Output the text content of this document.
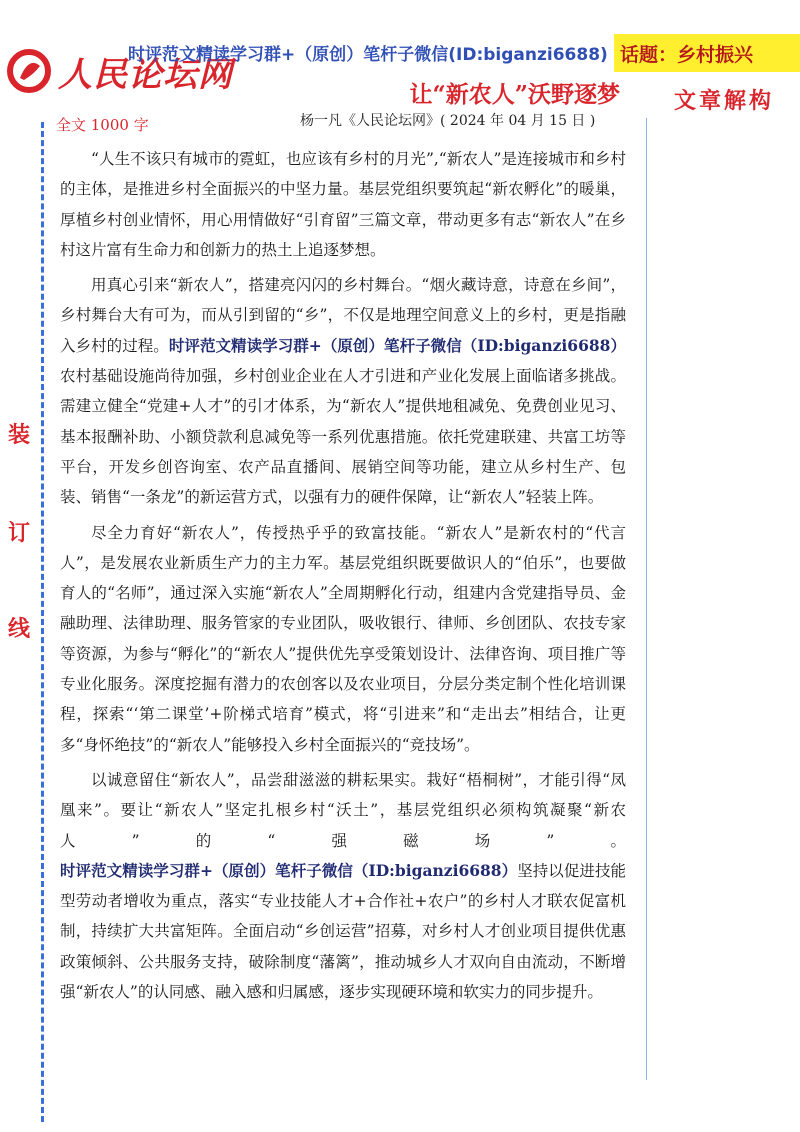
人民论坛网
时评范文精读学习群+（原创）笔杆子微信(ID:biganzi6688) 话题：乡村振兴
让“新农人”沃野逐梦	文章解构
全文 1000 字	杨一凡《人民论坛网》( 2024 年 04 月 15 日 )
装
订
线

“人生不该只有城市的霓虹，也应该有乡村的月光”,“新农人”是连接城市和乡村的主体，是推进乡村全面振兴的中坚力量。基层党组织要筑起“新农孵化”的暖巢，厚植乡村创业情怀，用心用情做好“引育留”三篇文章，带动更多有志“新农人”在乡村这片富有生命力和创新力的热土上追逐梦想。

用真心引来“新农人”，搭建亮闪闪的乡村舞台。“烟火藏诗意，诗意在乡间”，乡村舞台大有可为，而从引到留的“乡”，不仅是地理空间意义上的乡村，更是指融入乡村的过程。时评范文精读学习群+（原创）笔杆子微信（ID:biganzi6688）农村基础设施尚待加强，乡村创业企业在人才引进和产业化发展上面临诸多挑战。需建立健全“党建+人才”的引才体系，为“新农人”提供地租减免、免费创业见习、基本报酬补助、小额贷款利息减免等一系列优惠措施。依托党建联建、共富工坊等平台，开发乡创咨询室、农产品直播间、展销空间等功能，建立从乡村生产、包装、销售“一条龙”的新运营方式，以强有力的硬件保障，让“新农人”轻装上阵。

尽全力育好“新农人”，传授热乎乎的致富技能。“新农人”是新农村的“代言人”，是发展农业新质生产力的主力军。基层党组织既要做识人的“伯乐”，也要做育人的“名师”，通过深入实施“新农人”全周期孵化行动，组建内含党建指导员、金融助理、法律助理、服务管家的专业团队，吸收银行、律师、乡创团队、农技专家等资源，为参与“孵化”的“新农人”提供优先享受策划设计、法律咨询、项目推广等专业化服务。深度挖掘有潜力的农创客以及农业项目，分层分类定制个性化培训课程，探索“‘第二课堂’+阶梯式培育”模式，将“引进来”和“走出去”相结合，让更多“身怀绝技”的“新农人”能够投入乡村全面振兴的“竞技场”。

以诚意留住“新农人”，品尝甜滋滋的耕耘果实。栽好“梧桐树”，才能引得“凤凰来”。要让“新农人”坚定扎根乡村“沃土”，基层党组织必须构筑凝聚“新农人”的“强磁场”。时评范文精读学习群+（原创）笔杆子微信（ID:biganzi6688）坚持以促进技能型劳动者增收为重点，落实“专业技能人才+合作社+农户”的乡村人才联农促富机制，持续扩大共富矩阵。全面启动“乡创运营”招募，对乡村人才创业项目提供优惠政策倾斜、公共服务支持，破除制度“藩篱”，推动城乡人才双向自由流动，不断增强“新农人”的认同感、融入感和归属感，逐步实现硬环境和软实力的同步提升。
